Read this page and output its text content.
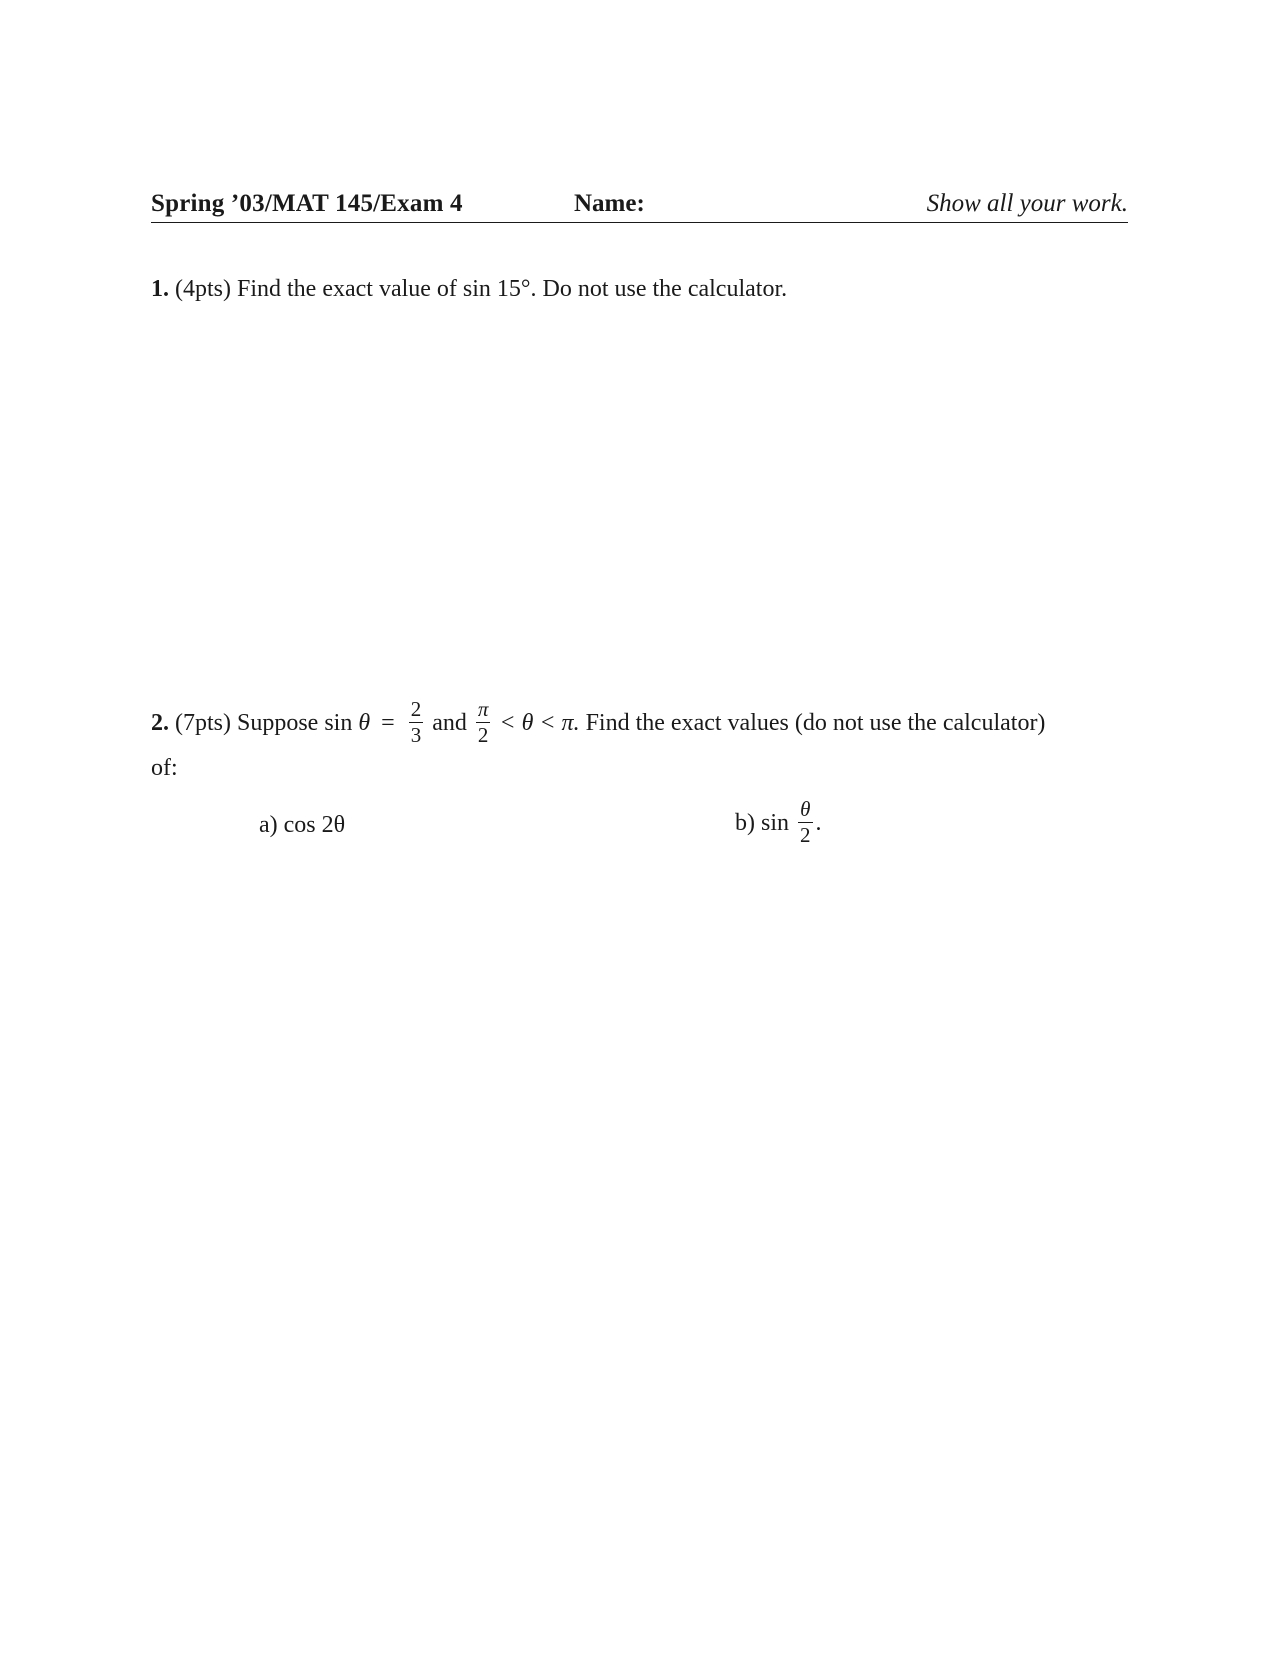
Spring ’03/MAT 145/Exam 4	Name:	Show all your work.
1. (4pts) Find the exact value of sin 15°. Do not use the calculator.
2. (7pts) Suppose $\sin \theta = \frac{2}{3}$ and $\frac{\pi}{2} < \theta < \pi$. Find the exact values (do not use the calculator)
of:
a) cos 2θ	b) $\sin \frac{\theta}{2}$ .
